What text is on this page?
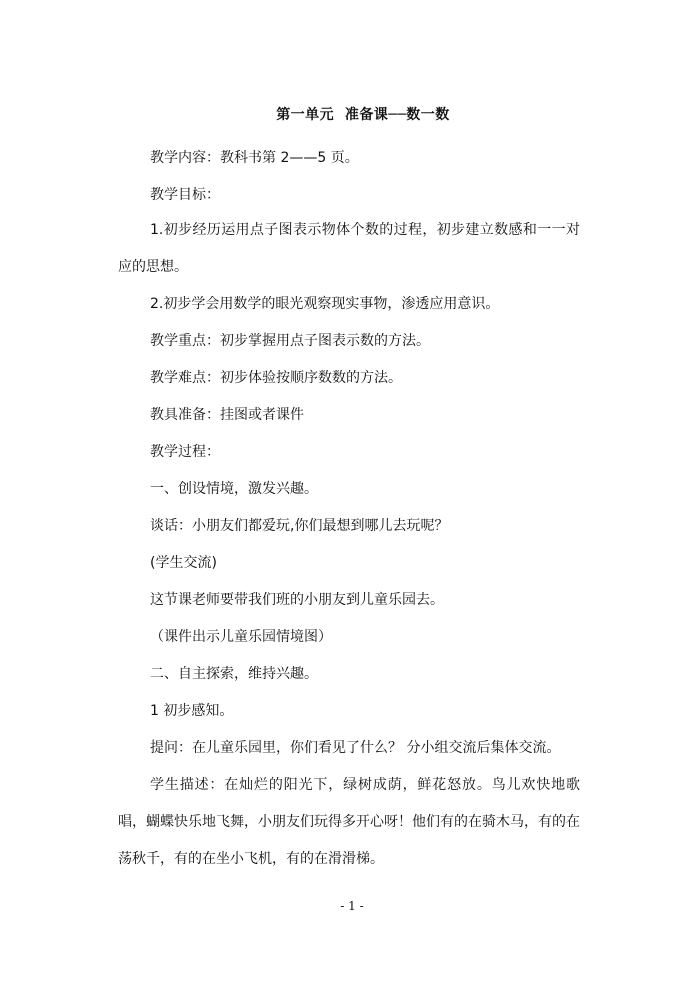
第一单元  准备课──数一数
教学内容：教科书第 2——5 页。
教学目标：
1.初步经历运用点子图表示物体个数的过程，初步建立数感和一一对应的思想。
2.初步学会用数学的眼光观察现实事物，渗透应用意识。
教学重点：初步掌握用点子图表示数的方法。
教学难点：初步体验按顺序数数的方法。
教具准备：挂图或者课件
教学过程：
一、创设情境，激发兴趣。
谈话：小朋友们都爱玩,你们最想到哪儿去玩呢？
(学生交流)
这节课老师要带我们班的小朋友到儿童乐园去。
（课件出示儿童乐园情境图）
二、自主探索，维持兴趣。
1 初步感知。
提问：在儿童乐园里，你们看见了什么？ 分小组交流后集体交流。
学生描述：在灿烂的阳光下，绿树成荫，鲜花怒放。鸟儿欢快地歌唱，蝴蝶快乐地飞舞，小朋友们玩得多开心呀！他们有的在骑木马，有的在荡秋千，有的在坐小飞机，有的在滑滑梯。
- 1 -
